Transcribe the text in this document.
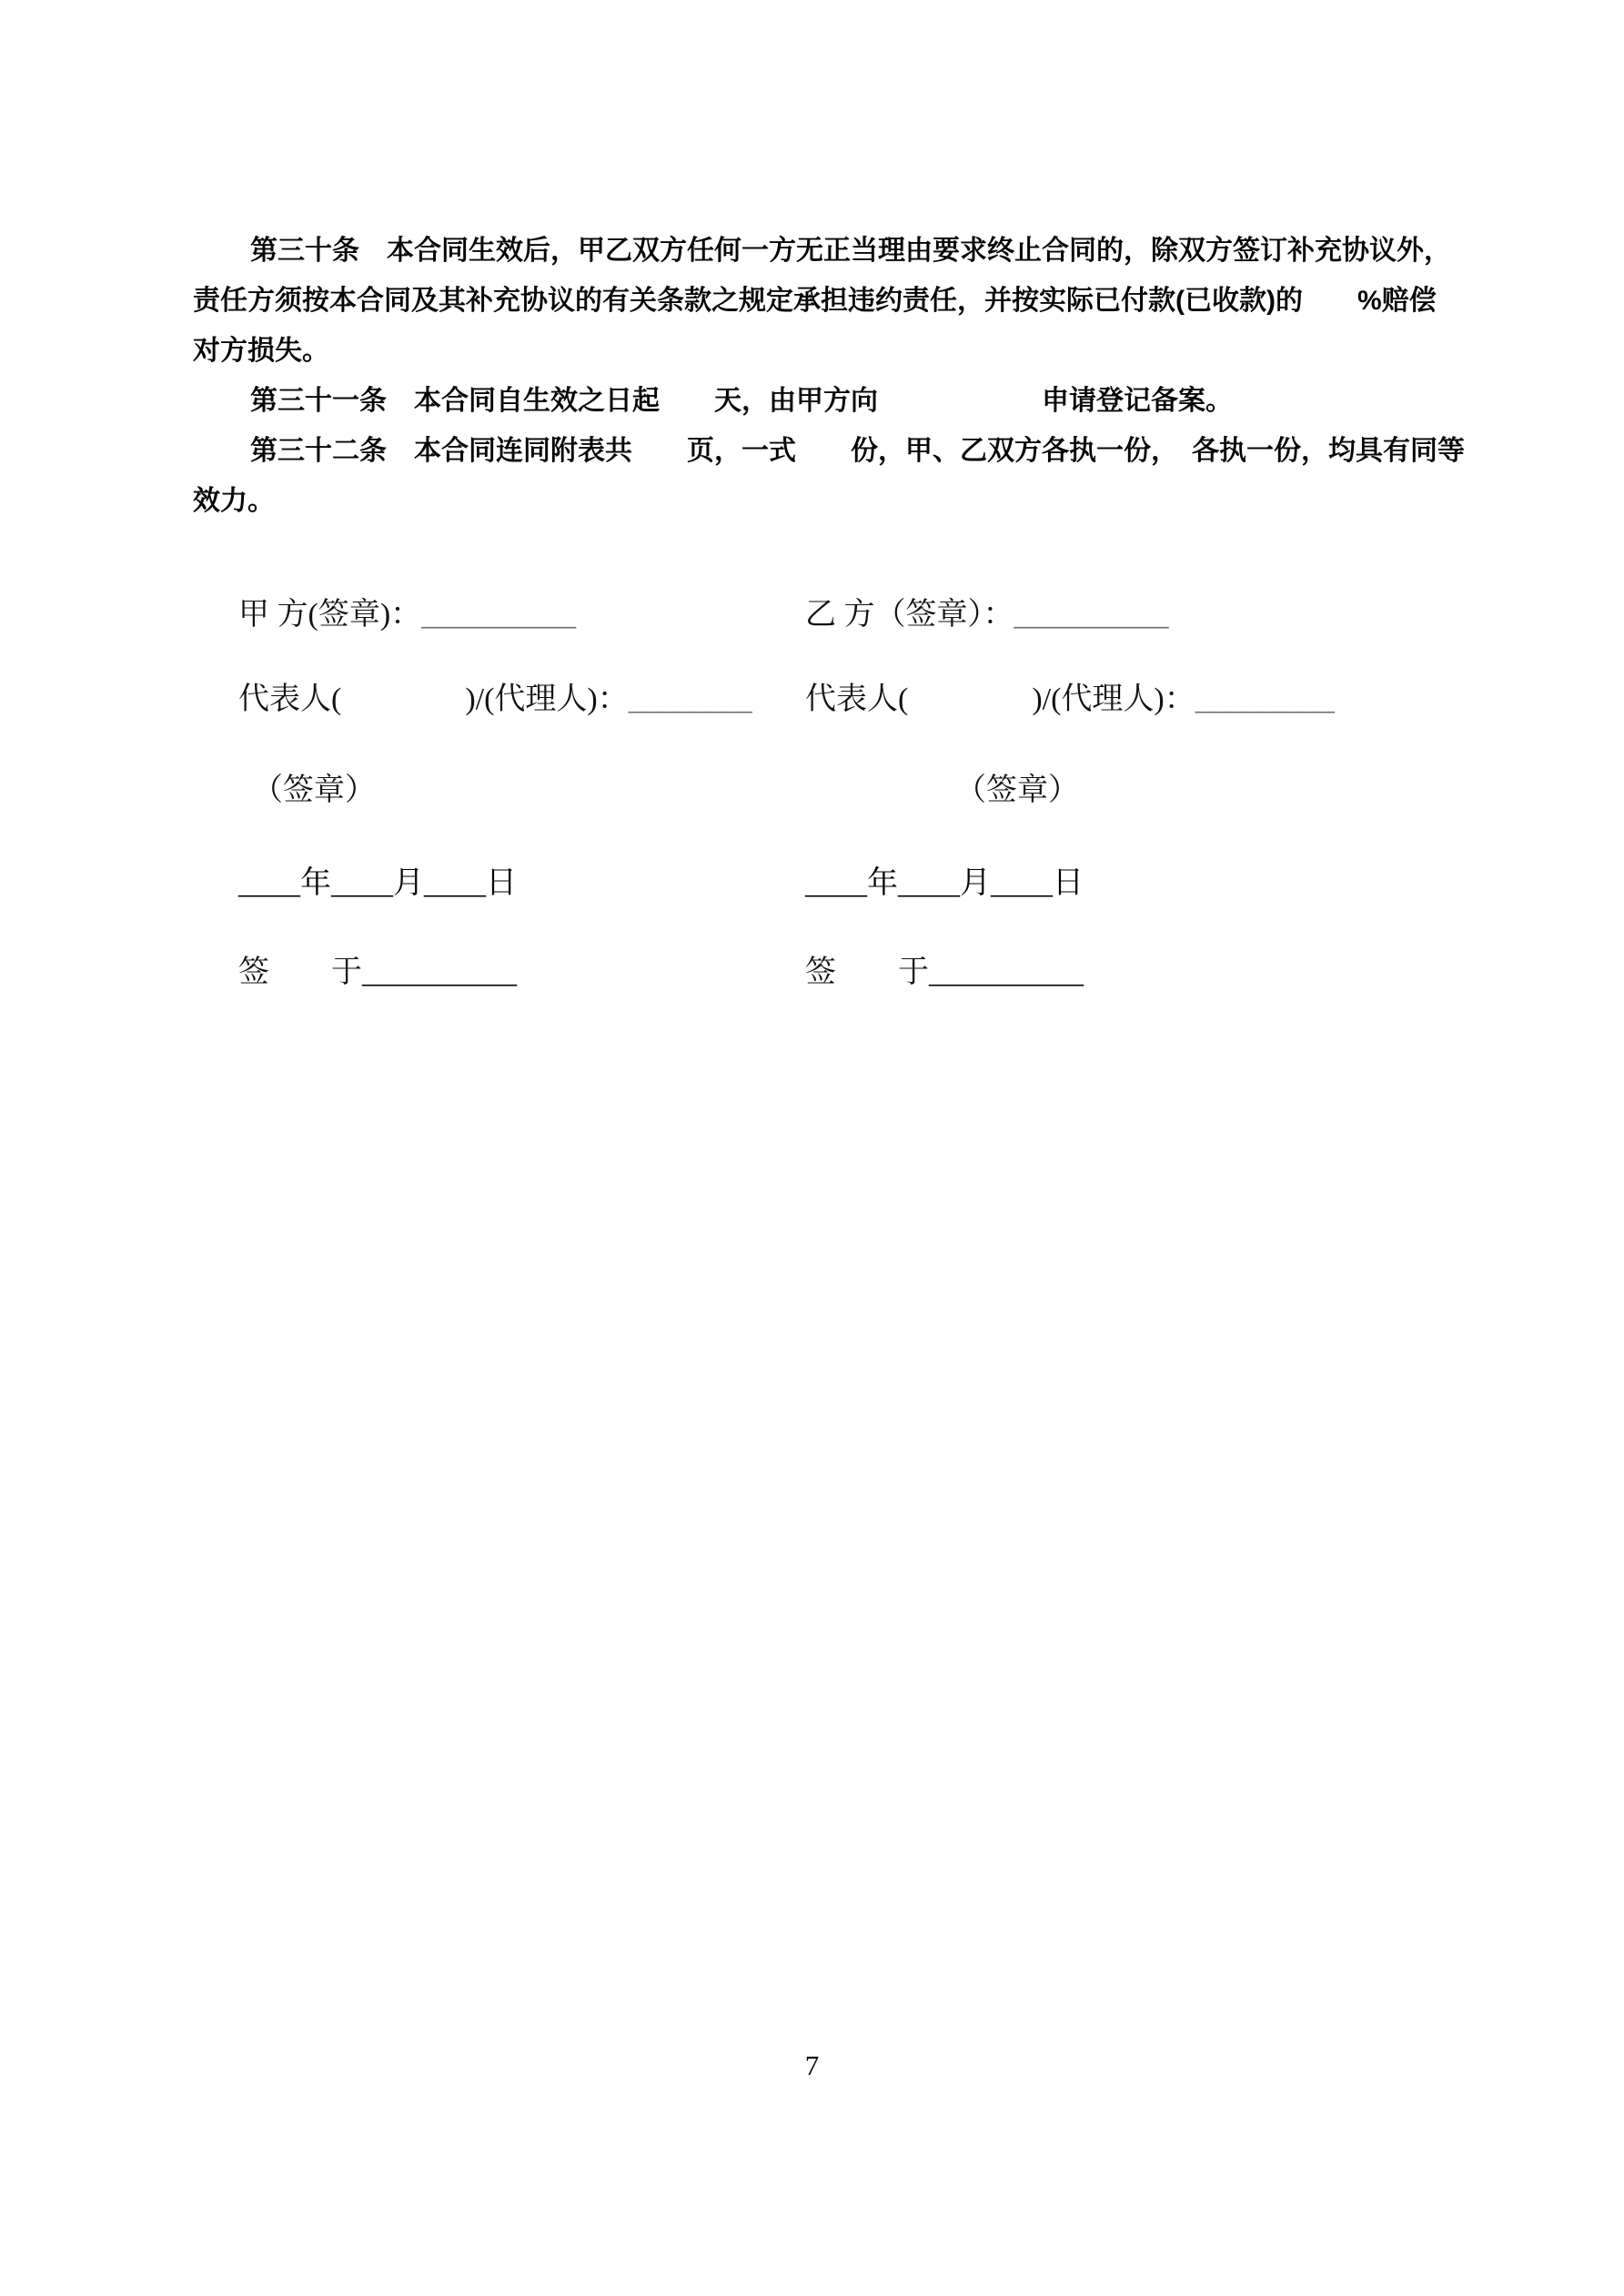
第三十条　本合同生效后，甲乙双方任何一方无正当理由要求终止合同的，除双方签订补充协议外，
责任方须按本合同及其补充协议的有关条款之规定承担违约责任，并按实际已付款(已收款)的　　%赔偿
对方损失。
第三十一条　本合同自生效之日起　　天，由甲方向　　　　　　申请登记备案。
第三十二条　本合同连同附表共　　页，一式　　份，甲、乙双方各执一份，　各执一份，均具有同等
效力。
甲 方(签章)：__________	乙 方（签章）：__________
代表人(　　　　)/(代理人)：________ 代表人(　　　　)/(代理人)：_________
（签章）	（签章）
____年____月____日	____年____月____日
签　　于__________	签　　于__________
7
